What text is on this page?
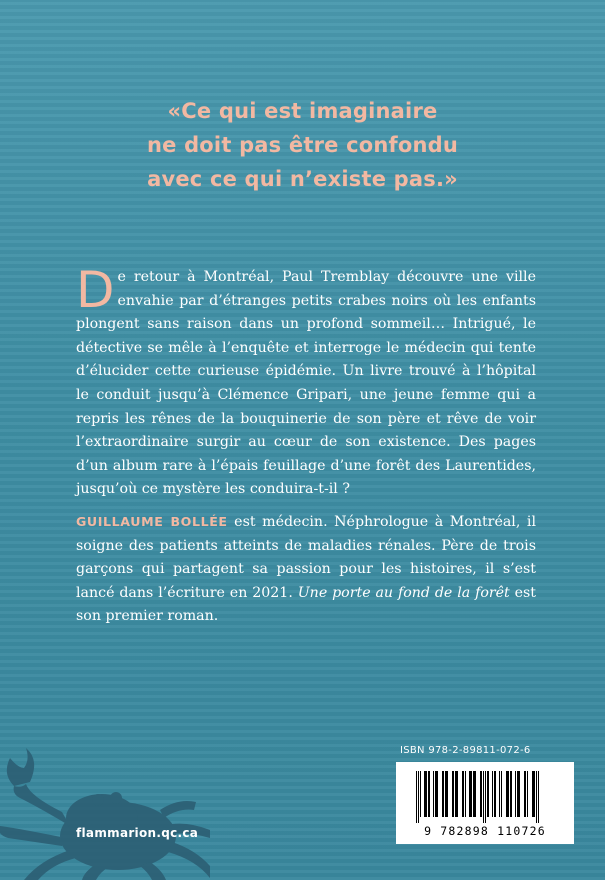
«Ce qui est imaginaire
ne doit pas être confondu
avec ce qui n’existe pas.»
De retour à Montréal, Paul Tremblay découvre une ville envahie par d’étranges petits crabes noirs où les enfants plongent sans raison dans un profond sommeil… Intrigué, le détective se mêle à l’enquête et interroge le médecin qui tente d’élucider cette curieuse épidémie. Un livre trouvé à l’hôpital le conduit jusqu’à Clémence Gripari, une jeune femme qui a repris les rênes de la bouquinerie de son père et rêve de voir l’extraordinaire surgir au cœur de son existence. Des pages d’un album rare à l’épais feuillage d’une forêt des Laurentides, jusqu’où ce mystère les conduira-t-il ?
GUILLAUME BOLLÉE est médecin. Néphrologue à Montréal, il soigne des patients atteints de maladies rénales. Père de trois garçons qui partagent sa passion pour les histoires, il s’est lancé dans l’écriture en 2021. Une porte au fond de la forêt est son premier roman.
flammarion.qc.ca
ISBN 978-2-89811-072-6
9 782898 110726
